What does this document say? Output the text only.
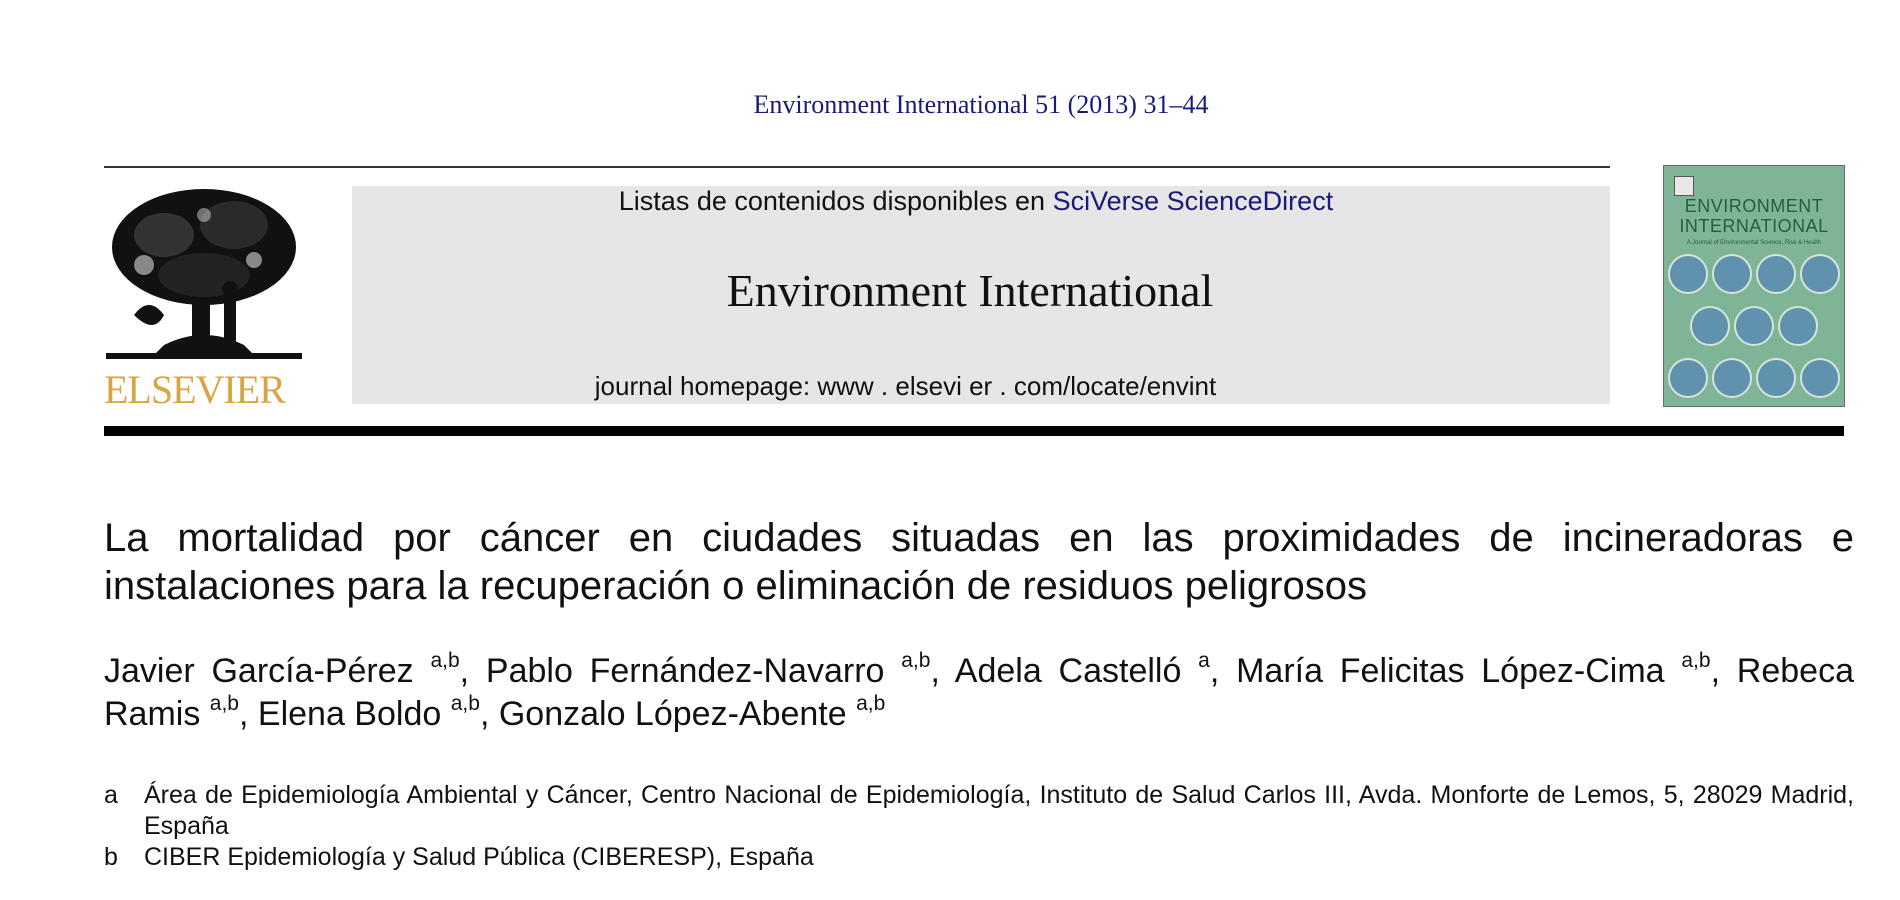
Environment International 51 (2013) 31–44
ELSEVIER
Listas de contenidos disponibles en SciVerse ScienceDirect
Environment International
journal homepage: www . elsevi er . com/locate/envint
ENVIRONMENT
INTERNATIONAL
A Journal of Environmental Science, Risk & Health
La mortalidad por cáncer en ciudades situadas en las proximidades de incineradoras e instalaciones para la recuperación o eliminación de residuos peligrosos
Javier García-Pérez $^{a,b}$, Pablo Fernández-Navarro $^{a,b}$, Adela Castelló $^a$, María Felicitas López-Cima $^{a,b}$, Rebeca Ramis $^{a,b}$, Elena Boldo $^{a,b}$, Gonzalo López-Abente $^{a,b}$
a	Área de Epidemiología Ambiental y Cáncer, Centro Nacional de Epidemiología, Instituto de Salud Carlos III, Avda. Monforte de Lemos, 5, 28029 Madrid, España
b	CIBER Epidemiología y Salud Pública (CIBERESP), España
